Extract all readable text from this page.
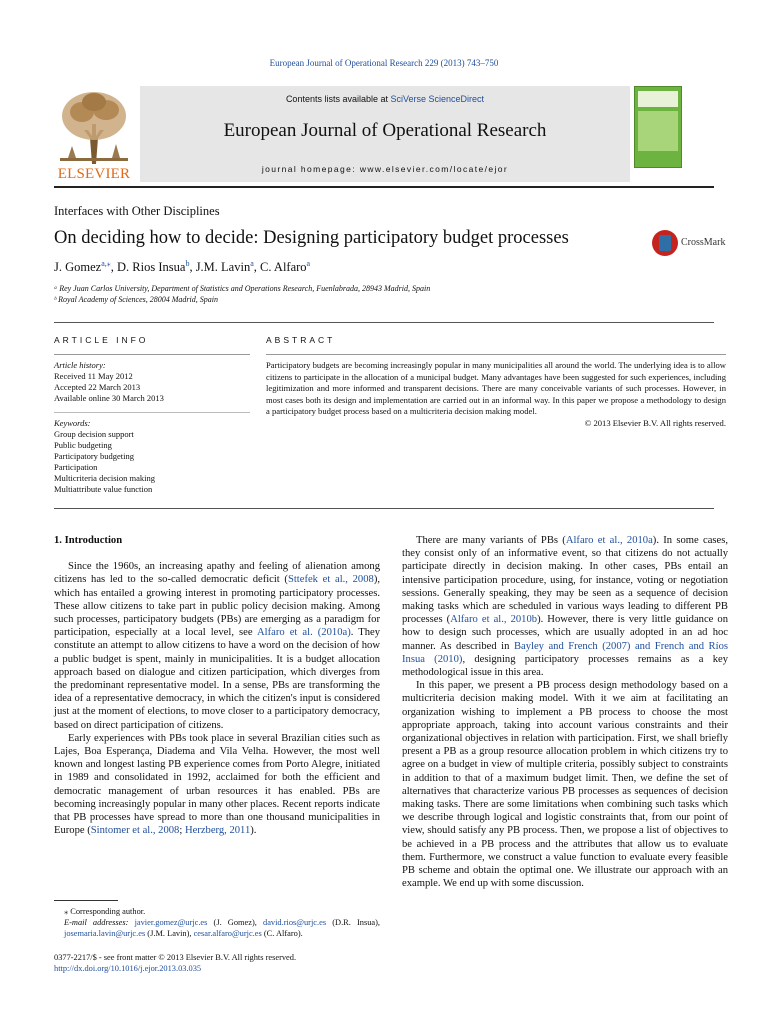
European Journal of Operational Research 229 (2013) 743–750
ELSEVIER
Contents lists available at SciVerse ScienceDirect
European Journal of Operational Research
journal homepage: www.elsevier.com/locate/ejor
Interfaces with Other Disciplines
On deciding how to decide: Designing participatory budget processes	CrossMark
J. Gomez$^{a,⁎}$, D. Rios Insua$^b$, J.M. Lavin$^a$, C. Alfaro$^a$
ᵃ Rey Juan Carlos University, Department of Statistics and Operations Research, Fuenlabrada, 28943 Madrid, Spain
ᵇ Royal Academy of Sciences, 28004 Madrid, Spain
ARTICLE INFO	ABSTRACT
Article history:
Received 11 May 2012
Accepted 22 March 2013
Available online 30 March 2013
Keywords:
Group decision support
Public budgeting
Participatory budgeting
Participation
Multicriteria decision making
Multiattribute value function
Participatory budgets are becoming increasingly popular in many municipalities all around the world. The underlying idea is to allow citizens to participate in the allocation of a municipal budget. Many advantages have been suggested for such experiences, including legitimization and more informed and transparent decisions. There are many conceivable variants of such processes. However, in most cases both its design and implementation are carried out in an informal way. In this paper we propose a methodology to design a participatory budget process based on a multicriteria decision making model.
© 2013 Elsevier B.V. All rights reserved.
1. Introduction

Since the 1960s, an increasing apathy and feeling of alienation among citizens has led to the so-called democratic deficit (Sttefek et al., 2008), which has entailed a growing interest in promoting participatory processes. These allow citizens to take part in public policy decision making. Among such processes, participatory budgets (PBs) are emerging as a paradigm for participation, especially at a local level, see Alfaro et al. (2010a). They constitute an attempt to allow citizens to have a word on the decision of how a public budget is spent, mainly in municipalities. It is a budget allocation approach based on dialogue and citizen participation, which diverges from the predominant representative model. In a sense, PBs are transforming the idea of a representative democracy, in which the citizen's input is considered just at the moment of elections, to move closer to a participatory democracy, based on direct participation of citizens.

Early experiences with PBs took place in several Brazilian cities such as Lajes, Boa Esperança, Diadema and Vila Velha. However, the most well known and longest lasting PB experience comes from Porto Alegre, initiated in 1989 and consolidated in 1992, acclaimed for both the efficient and democratic management of urban resources it has enabled. PBs are becoming increasingly popular in many other places. Recent reports indicate that PB processes have spread to more than one thousand municipalities in Europe (Sintomer et al., 2008; Herzberg, 2011).

There are many variants of PBs (Alfaro et al., 2010a). In some cases, they consist only of an informative event, so that citizens do not actually participate directly in decision making. In other cases, PBs entail an intensive participation procedure, using, for instance, voting or negotiation sessions. Generally speaking, they may be seen as a sequence of decision making tasks which are scheduled in various ways leading to different PB processes (Alfaro et al., 2010b). However, there is very little guidance on how to design such processes, which are usually adopted in an ad hoc manner. As described in Bayley and French (2007) and French and Ríos Insua (2010), designing participatory processes remains as a key methodological issue in this area.

In this paper, we present a PB process design methodology based on a multicriteria decision making model. With it we aim at facilitating an organization wishing to implement a PB process to choose the most appropriate approach, taking into account various constraints and their organizational objectives in relation with participation. First, we shall briefly present a PB as a group resource allocation problem in which citizens try to agree on a budget in view of multiple criteria, possibly subject to constraints in addition to that of a maximum budget limit. Then, we define the set of alternatives that characterize various PB processes as sequences of decision making tasks. There are some limitations when combining such tasks which we describe through logical and logistic constraints that, from our point of view, should satisfy any PB process. Then, we propose a list of objectives to be achieved in a PB process and the attributes that allow us to evaluate them. Furthermore, we construct a value function to evaluate every feasible PB scheme and obtain the optimal one. We illustrate our approach with an example. We end up with some discussion.

⁎ Corresponding author.
E-mail addresses: javier.gomez@urjc.es (J. Gomez), david.rios@urjc.es (D.R. Insua), josemaria.lavin@urjc.es (J.M. Lavin), cesar.alfaro@urjc.es (C. Alfaro).
0377-2217/$ - see front matter © 2013 Elsevier B.V. All rights reserved.
http://dx.doi.org/10.1016/j.ejor.2013.03.035
